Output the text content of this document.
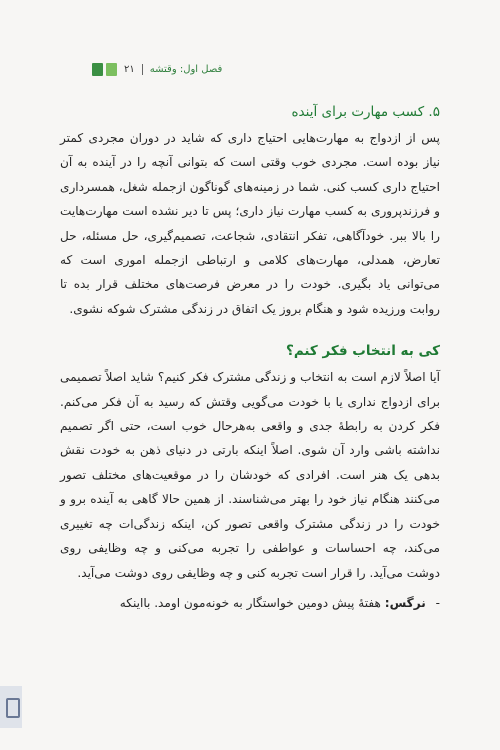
۲۱ فصل اول: وقتشه
۵. کسب مهارت برای آینده

پس از ازدواج به مهارت‌هایی احتیاج داری که شاید در دوران مجردی کمتر نیاز بوده است. مجردی خوب وقتی است که بتوانی آنچه را در آینده به آن احتیاج داری کسب کنی. شما در زمینه‌های گوناگون ازجمله شغل، همسرداری و فرزندپروری به کسب مهارت نیاز داری؛ پس تا دیر نشده است مهارت‌هایت را بالا ببر. خودآگاهی، تفکر انتقادی، شجاعت، تصمیم‌گیری، حل مسئله، حل تعارض، همدلی، مهارت‌های کلامی و ارتباطی ازجمله اموری است که می‌توانی یاد بگیری. خودت را در معرض فرصت‌های مختلف قرار بده تا روابت ورزیده شود و هنگام بروز یک اتفاق در زندگی مشترک شوکه نشوی.

کی به انتخاب فکر کنم؟

آیا اصلاً لازم است به انتخاب و زندگی مشترک فکر کنیم؟ شاید اصلاً تصمیمی برای ازدواج نداری یا با خودت می‌گویی وقتش که رسید به آن فکر می‌کنم. فکر کردن به رابطهٔ جدی و واقعی به‌هرحال خوب است، حتی اگر تصمیم نداشته باشی وارد آن شوی. اصلاً اینکه بارتی در دنیای ذهن به خودت نقش بدهی یک هنر است. افرادی که خودشان را در موقعیت‌های مختلف تصور می‌کنند هنگام نیاز خود را بهتر می‌شناسند. از همین حالا گاهی به آینده برو و خودت را در زندگی مشترک واقعی تصور کن، اینکه زندگی‌ات چه تغییری می‌کند، چه احساسات و عواطفی را تجربه می‌کنی و چه وظایفی روی دوشت می‌آید. را قرار است تجربه کنی و چه وظایفی روی دوشت می‌آید.

- نرگس: هفتهٔ پیش دومین خواستگار به خونه‌مون اومد. بااینکه
